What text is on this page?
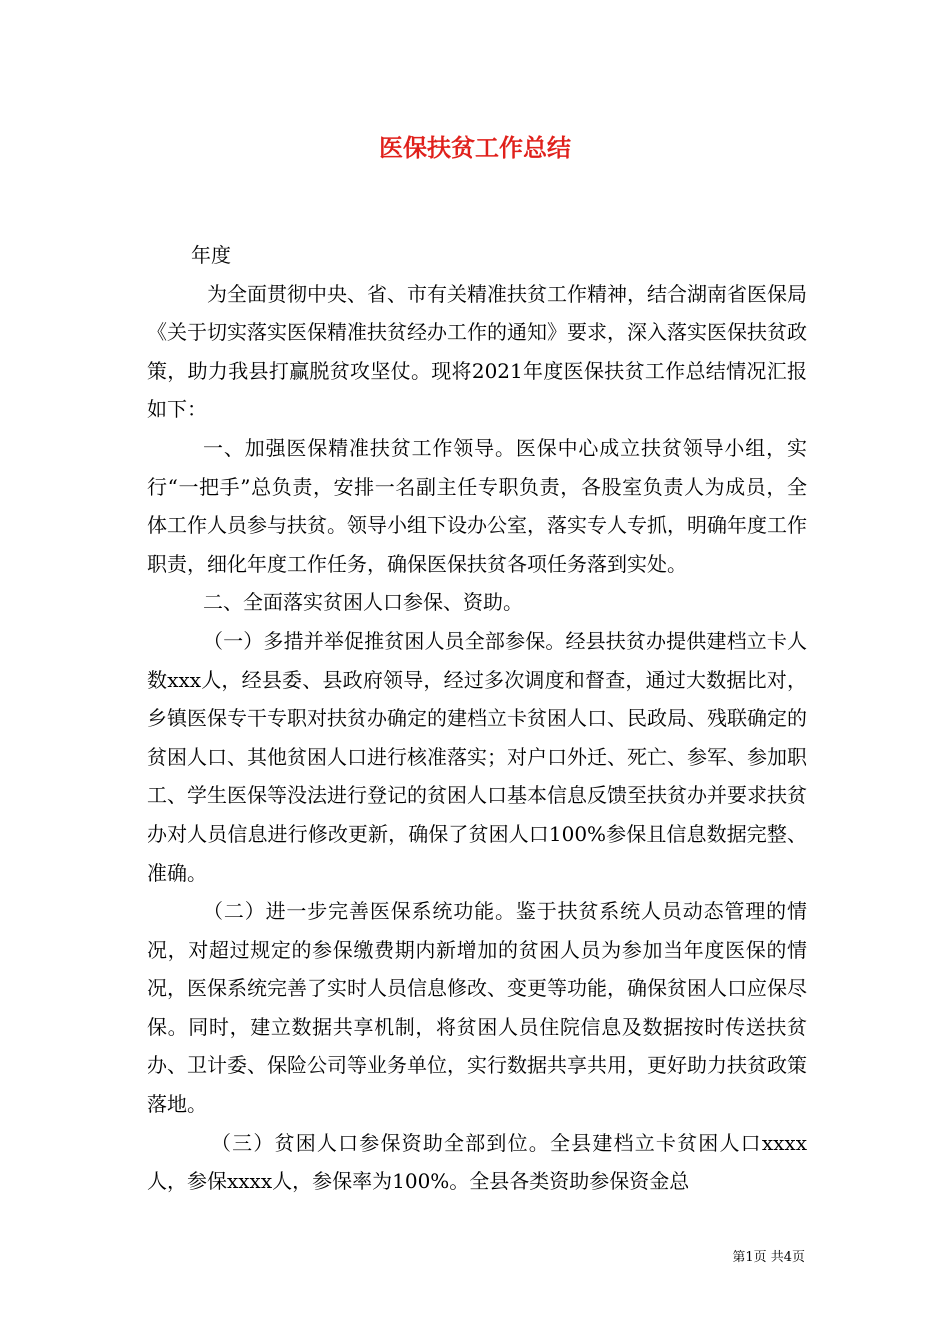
医保扶贫工作总结

年度

为全面贯彻中央、省、市有关精准扶贫工作精神，结合湖南省医保局《关于切实落实医保精准扶贫经办工作的通知》要求，深入落实医保扶贫政策，助力我县打赢脱贫攻坚仗。现将2021年度医保扶贫工作总结情况汇报如下：

一、加强医保精准扶贫工作领导。医保中心成立扶贫领导小组，实行“一把手”总负责，安排一名副主任专职负责，各股室负责人为成员，全体工作人员参与扶贫。领导小组下设办公室，落实专人专抓，明确年度工作职责，细化年度工作任务，确保医保扶贫各项任务落到实处。

二、全面落实贫困人口参保、资助。

（一）多措并举促推贫困人员全部参保。经县扶贫办提供建档立卡人数xxx人，经县委、县政府领导，经过多次调度和督查，通过大数据比对，乡镇医保专干专职对扶贫办确定的建档立卡贫困人口、民政局、残联确定的贫困人口、其他贫困人口进行核准落实；对户口外迁、死亡、参军、参加职工、学生医保等没法进行登记的贫困人口基本信息反馈至扶贫办并要求扶贫办对人员信息进行修改更新，确保了贫困人口100%参保且信息数据完整、准确。

（二）进一步完善医保系统功能。鉴于扶贫系统人员动态管理的情况，对超过规定的参保缴费期内新增加的贫困人员为参加当年度医保的情况，医保系统完善了实时人员信息修改、变更等功能，确保贫困人口应保尽保。同时，建立数据共享机制，将贫困人员住院信息及数据按时传送扶贫办、卫计委、保险公司等业务单位，实行数据共享共用，更好助力扶贫政策落地。

（三）贫困人口参保资助全部到位。全县建档立卡贫困人口xxxx人，参保xxxx人，参保率为100%。全县各类资助参保资金总

第1页 共4页
